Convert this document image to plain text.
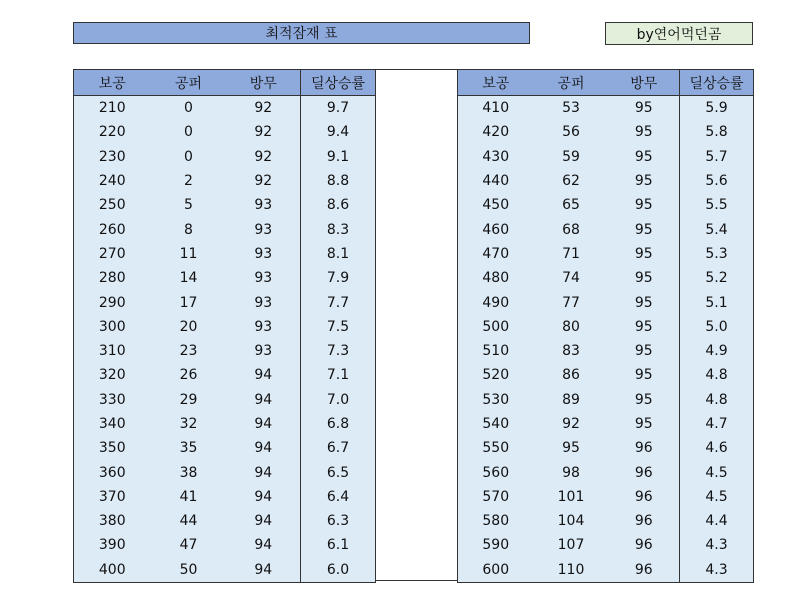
최적잠재 표	by연어먹던곰
보공	공퍼	방무	딜상승률
210	0	92	9.7
220	0	92	9.4
230	0	92	9.1
240	2	92	8.8
250	5	93	8.6
260	8	93	8.3
270	11	93	8.1
280	14	93	7.9
290	17	93	7.7
300	20	93	7.5
310	23	93	7.3
320	26	94	7.1
330	29	94	7.0
340	32	94	6.8
350	35	94	6.7
360	38	94	6.5
370	41	94	6.4
380	44	94	6.3
390	47	94	6.1
400	50	94	6.0
보공	공퍼	방무	딜상승률
410	53	95	5.9
420	56	95	5.8
430	59	95	5.7
440	62	95	5.6
450	65	95	5.5
460	68	95	5.4
470	71	95	5.3
480	74	95	5.2
490	77	95	5.1
500	80	95	5.0
510	83	95	4.9
520	86	95	4.8
530	89	95	4.8
540	92	95	4.7
550	95	96	4.6
560	98	96	4.5
570	101	96	4.5
580	104	96	4.4
590	107	96	4.3
600	110	96	4.3
